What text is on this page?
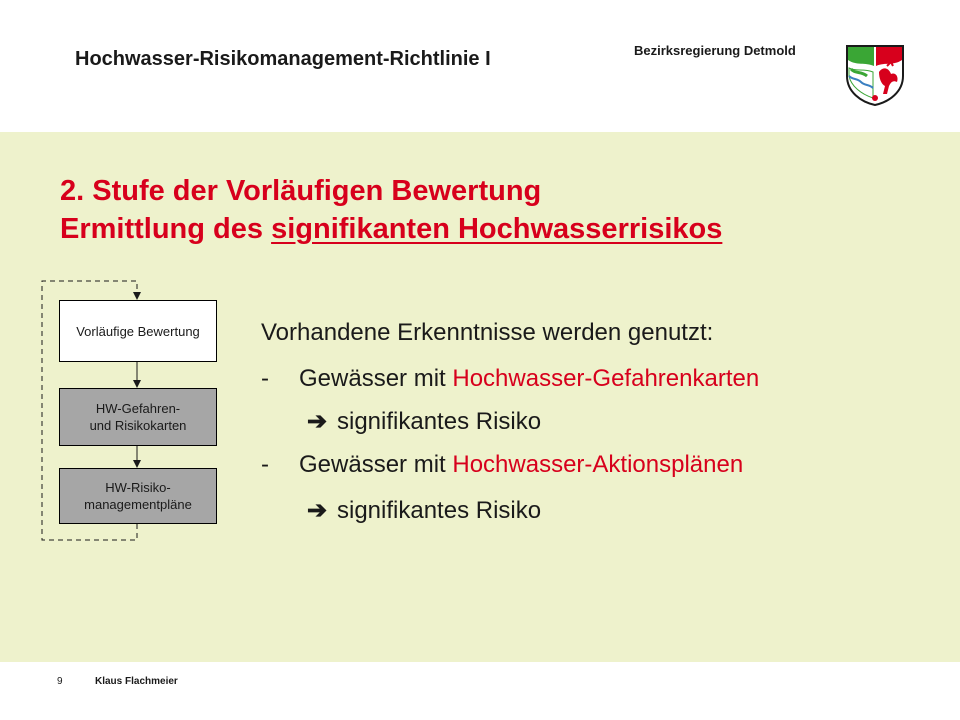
Hochwasser-Risikomanagement-Richtlinie I	Bezirksregierung Detmold
2. Stufe der Vorläufigen Bewertung
Ermittlung des signifikanten Hochwasserrisikos
Vorläufige Bewertung
HW-Gefahren-
und Risikokarten
HW-Risiko-
managementpläne
Vorhandene Erkenntnisse werden genutzt:
- Gewässer mit Hochwasser-Gefahrenkarten
➔ signifikantes Risiko
- Gewässer mit Hochwasser-Aktionsplänen
➔ signifikantes Risiko
9	Klaus Flachmeier
